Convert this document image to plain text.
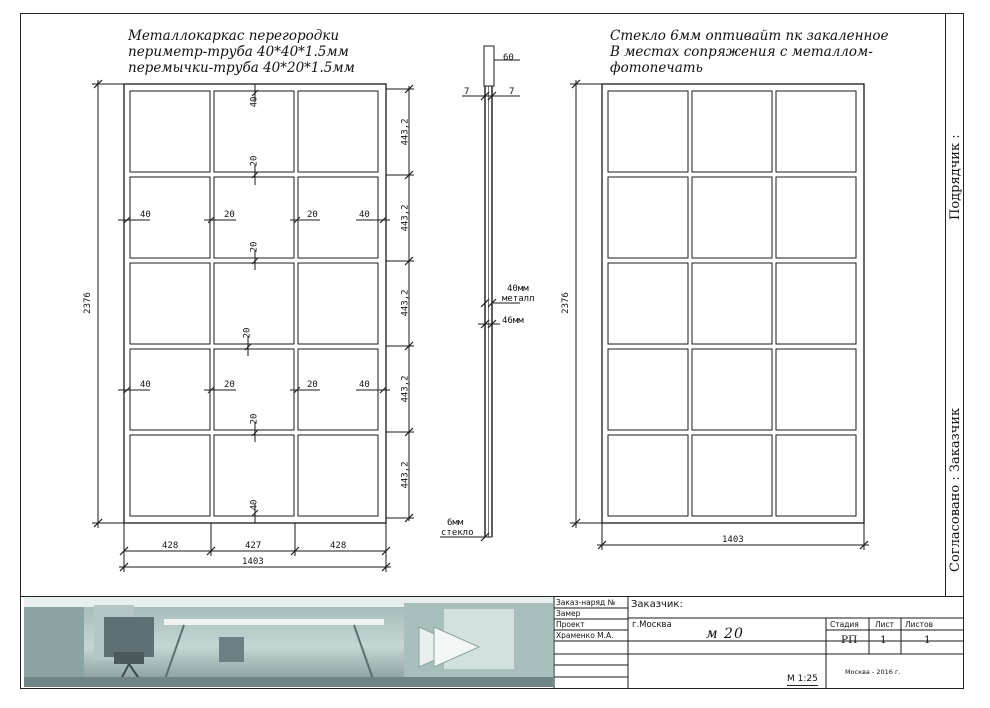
Металлокаркас перегородки
периметр-труба 40*40*1.5мм
перемычки-труба 40*20*1.5мм
Стекло 6мм оптивайт пк закаленное
В местах сопряжения с металлом-
фотопечать
2376
1403
428	427	428
443,2
443,2
443,2
443,2
443,2
40
20
20
20
20
40
40	20	20	40
40	20	20	40
60
7	7
40мм
металл
46мм
6мм
стекло
2376
1403
Подрядчик :
Согласовано : Заказчик
Заказ-наряд №
Замер
Проект
Храменко М.А.
Заказчик:
г.Москва
м 20
Стадия Лист Листов
РП 1	1
М 1:25
Москва - 2016 г.
